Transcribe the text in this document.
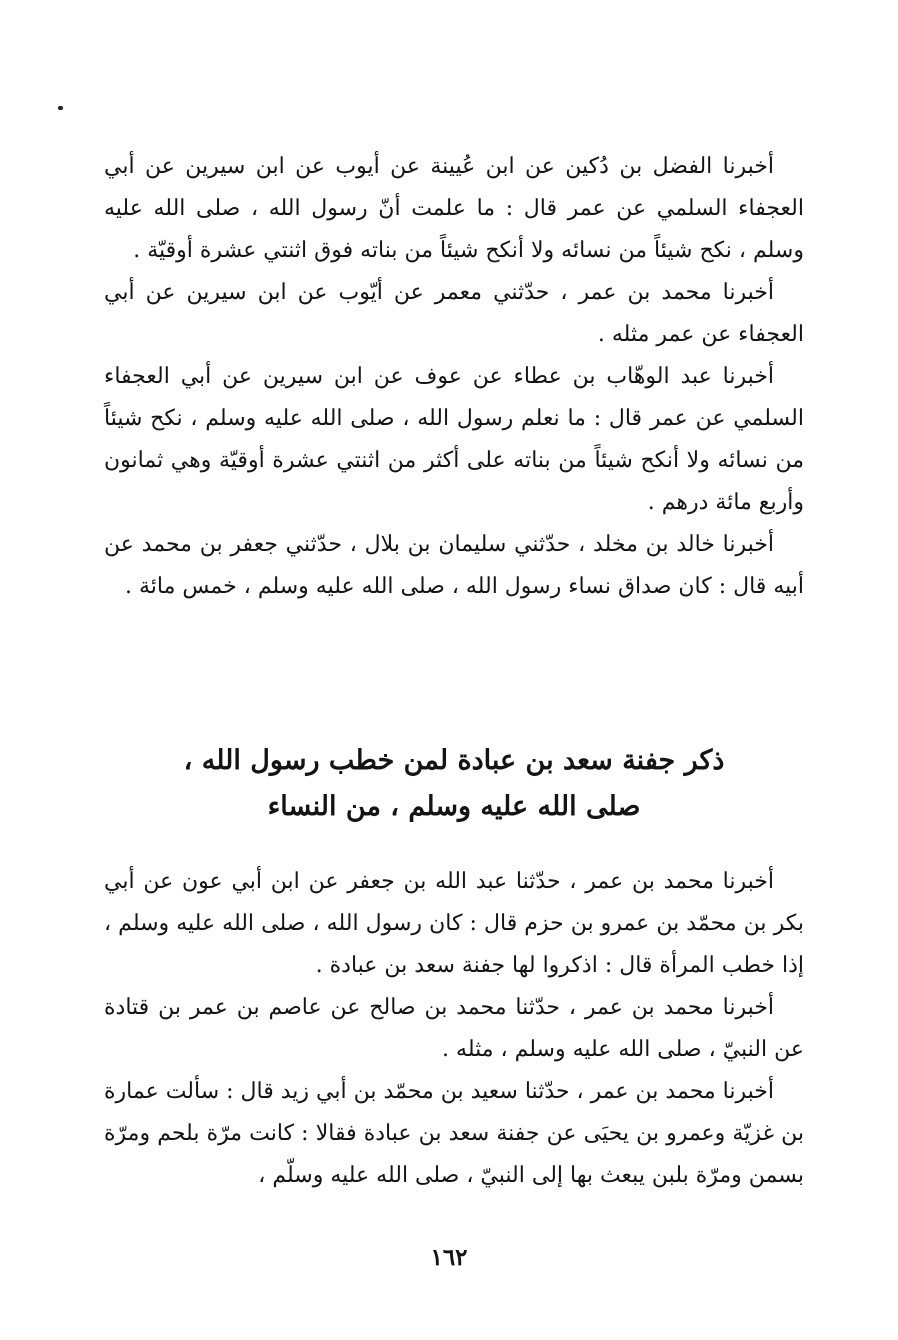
أخبرنا الفضل بن دُكين عن ابن عُيينة عن أيوب عن ابن سيرين عن أبي العجفاء السلمي عن عمر قال : ما علمت أنّ رسول الله ، صلى الله عليه وسلم ، نكح شيئاً من نسائه ولا أنكح شيئاً من بناته فوق اثنتي عشرة أوقيّة .

أخبرنا محمد بن عمر ، حدّثني معمر عن أيّوب عن ابن سيرين عن أبي العجفاء عن عمر مثله .

أخبرنا عبد الوهّاب بن عطاء عن عوف عن ابن سيرين عن أبي العجفاء السلمي عن عمر قال : ما نعلم رسول الله ، صلى الله عليه وسلم ، نكح شيئاً من نسائه ولا أنكح شيئاً من بناته على أكثر من اثنتي عشرة أوقيّة وهي ثمانون وأربع مائة درهم .

أخبرنا خالد بن مخلد ، حدّثني سليمان بن بلال ، حدّثني جعفر بن محمد عن أبيه قال : كان صداق نساء رسول الله ، صلى الله عليه وسلم ، خمس مائة .

ذكر جفنة سعد بن عبادة لمن خطب رسول الله ،
صلى الله عليه وسلم ، من النساء

أخبرنا محمد بن عمر ، حدّثنا عبد الله بن جعفر عن ابن أبي عون عن أبي بكر بن محمّد بن عمرو بن حزم قال : كان رسول الله ، صلى الله عليه وسلم ، إذا خطب المرأة قال : اذكروا لها جفنة سعد بن عبادة .

أخبرنا محمد بن عمر ، حدّثنا محمد بن صالح عن عاصم بن عمر بن قتادة عن النبيّ ، صلى الله عليه وسلم ، مثله .

أخبرنا محمد بن عمر ، حدّثنا سعيد بن محمّد بن أبي زيد قال : سألت عمارة بن غزيّة وعمرو بن يحيَى عن جفنة سعد بن عبادة فقالا : كانت مرّة بلحم ومرّة بسمن ومرّة بلبن يبعث بها إلى النبيّ ، صلى الله عليه وسلّم ،

١٦٢
